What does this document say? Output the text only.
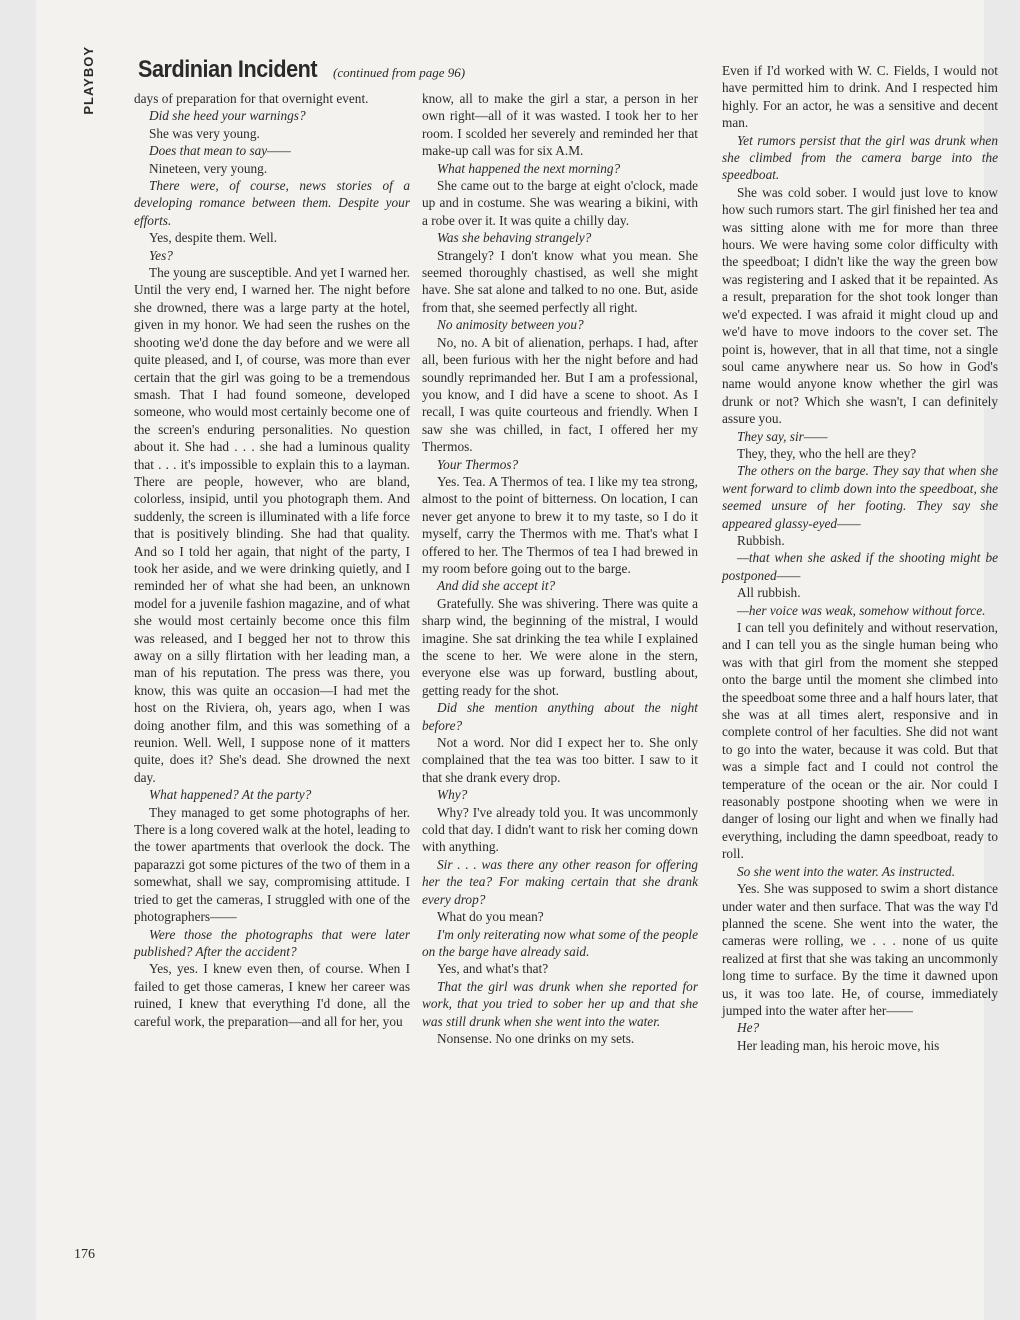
PLAYBOY Sardinian Incident (continued from page 96)

days of preparation for that overnight event.

Did she heed your warnings?

She was very young.

Does that mean to say——

Nineteen, very young.

There were, of course, news stories of a developing romance between them. Despite your efforts.

Yes, despite them. Well.

Yes?

The young are susceptible. And yet I warned her. Until the very end, I warned her. The night before she drowned, there was a large party at the hotel, given in my honor. We had seen the rushes on the shooting we'd done the day before and we were all quite pleased, and I, of course, was more than ever certain that the girl was going to be a tremendous smash. That I had found someone, developed someone, who would most certainly become one of the screen's enduring personalities. No question about it. She had . . . she had a luminous quality that . . . it's impossible to explain this to a layman. There are people, however, who are bland, colorless, insipid, until you photograph them. And suddenly, the screen is illuminated with a life force that is positively blinding. She had that quality. And so I told her again, that night of the party, I took her aside, and we were drinking quietly, and I reminded her of what she had been, an unknown model for a juvenile fashion magazine, and of what she would most certainly become once this film was released, and I begged her not to throw this away on a silly flirtation with her leading man, a man of his reputation. The press was there, you know, this was quite an occasion—I had met the host on the Riviera, oh, years ago, when I was doing another film, and this was something of a reunion. Well. Well, I suppose none of it matters quite, does it? She's dead. She drowned the next day.

What happened? At the party?

They managed to get some photographs of her. There is a long covered walk at the hotel, leading to the tower apartments that overlook the dock. The paparazzi got some pictures of the two of them in a somewhat, shall we say, compromising attitude. I tried to get the cameras, I struggled with one of the photographers——

Were those the photographs that were later published? After the accident?

Yes, yes. I knew even then, of course. When I failed to get those cameras, I knew her career was ruined, I knew that everything I'd done, all the careful work, the preparation—and all for her, you

know, all to make the girl a star, a person in her own right—all of it was wasted. I took her to her room. I scolded her severely and reminded her that make-up call was for six A.M.

What happened the next morning?

She came out to the barge at eight o'clock, made up and in costume. She was wearing a bikini, with a robe over it. It was quite a chilly day.

Was she behaving strangely?

Strangely? I don't know what you mean. She seemed thoroughly chastised, as well she might have. She sat alone and talked to no one. But, aside from that, she seemed perfectly all right.

No animosity between you?

No, no. A bit of alienation, perhaps. I had, after all, been furious with her the night before and had soundly reprimanded her. But I am a professional, you know, and I did have a scene to shoot. As I recall, I was quite courteous and friendly. When I saw she was chilled, in fact, I offered her my Thermos.

Your Thermos?

Yes. Tea. A Thermos of tea. I like my tea strong, almost to the point of bitterness. On location, I can never get anyone to brew it to my taste, so I do it myself, carry the Thermos with me. That's what I offered to her. The Thermos of tea I had brewed in my room before going out to the barge.

And did she accept it?

Gratefully. She was shivering. There was quite a sharp wind, the beginning of the mistral, I would imagine. She sat drinking the tea while I explained the scene to her. We were alone in the stern, everyone else was up forward, bustling about, getting ready for the shot.

Did she mention anything about the night before?

Not a word. Nor did I expect her to. She only complained that the tea was too bitter. I saw to it that she drank every drop.

Why?

Why? I've already told you. It was uncommonly cold that day. I didn't want to risk her coming down with anything.

Sir . . . was there any other reason for offering her the tea? For making certain that she drank every drop?

What do you mean?

I'm only reiterating now what some of the people on the barge have already said.

Yes, and what's that?

That the girl was drunk when she reported for work, that you tried to sober her up and that she was still drunk when she went into the water.

Nonsense. No one drinks on my sets.

Even if I'd worked with W. C. Fields, I would not have permitted him to drink. And I respected him highly. For an actor, he was a sensitive and decent man.

Yet rumors persist that the girl was drunk when she climbed from the camera barge into the speedboat.

She was cold sober. I would just love to know how such rumors start. The girl finished her tea and was sitting alone with me for more than three hours. We were having some color difficulty with the speedboat; I didn't like the way the green bow was registering and I asked that it be repainted. As a result, preparation for the shot took longer than we'd expected. I was afraid it might cloud up and we'd have to move indoors to the cover set. The point is, however, that in all that time, not a single soul came anywhere near us. So how in God's name would anyone know whether the girl was drunk or not? Which she wasn't, I can definitely assure you.

They say, sir——

They, they, who the hell are they?

The others on the barge. They say that when she went forward to climb down into the speedboat, she seemed unsure of her footing. They say she appeared glassy-eyed——

Rubbish.

—that when she asked if the shooting might be postponed——

All rubbish.

—her voice was weak, somehow without force.

I can tell you definitely and without reservation, and I can tell you as the single human being who was with that girl from the moment she stepped onto the barge until the moment she climbed into the speedboat some three and a half hours later, that she was at all times alert, responsive and in complete control of her faculties. She did not want to go into the water, because it was cold. But that was a simple fact and I could not control the temperature of the ocean or the air. Nor could I reasonably postpone shooting when we were in danger of losing our light and when we finally had everything, including the damn speedboat, ready to roll.

So she went into the water. As instructed.

Yes. She was supposed to swim a short distance under water and then surface. That was the way I'd planned the scene. She went into the water, the cameras were rolling, we . . . none of us quite realized at first that she was taking an uncommonly long time to surface. By the time it dawned upon us, it was too late. He, of course, immediately jumped into the water after her——

He?

Her leading man, his heroic move, his

176
